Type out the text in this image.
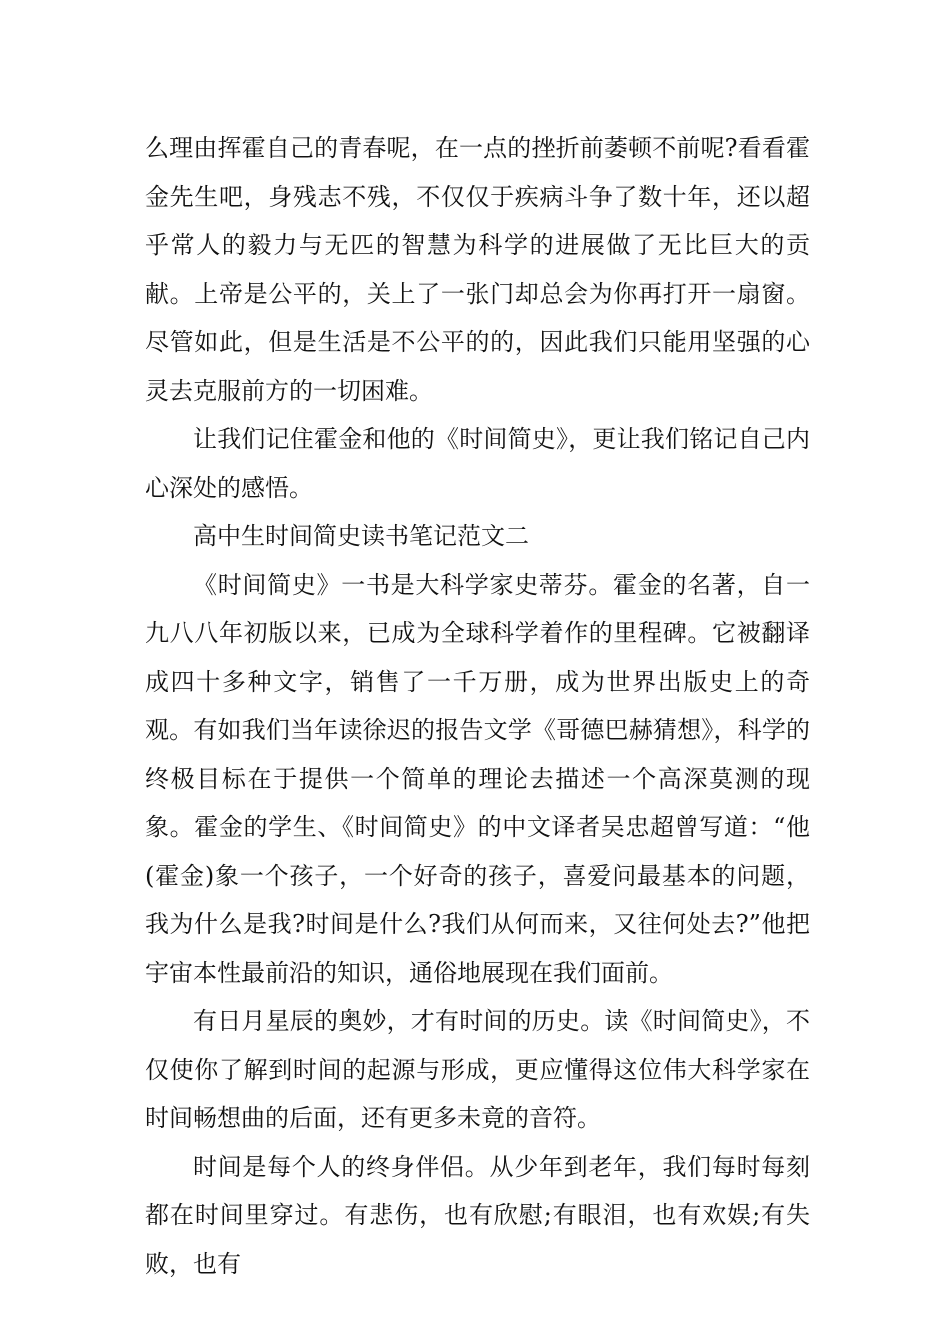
么理由挥霍自己的青春呢，在一点的挫折前萎顿不前呢?看看霍金先生吧，身残志不残，不仅仅于疾病斗争了数十年，还以超乎常人的毅力与无匹的智慧为科学的进展做了无比巨大的贡献。上帝是公平的，关上了一张门却总会为你再打开一扇窗。尽管如此，但是生活是不公平的的，因此我们只能用坚强的心灵去克服前方的一切困难。

让我们记住霍金和他的《时间简史》，更让我们铭记自己内心深处的感悟。

高中生时间简史读书笔记范文二

《时间简史》一书是大科学家史蒂芬。霍金的名著，自一九八八年初版以来，已成为全球科学着作的里程碑。它被翻译成四十多种文字，销售了一千万册，成为世界出版史上的奇观。有如我们当年读徐迟的报告文学《哥德巴赫猜想》，科学的终极目标在于提供一个简单的理论去描述一个高深莫测的现象。霍金的学生、《时间简史》的中文译者吴忠超曾写道：“他(霍金)象一个孩子，一个好奇的孩子，喜爱问最基本的问题，我为什么是我?时间是什么?我们从何而来，又往何处去?”他把宇宙本性最前沿的知识，通俗地展现在我们面前。

有日月星辰的奥妙，才有时间的历史。读《时间简史》，不仅使你了解到时间的起源与形成，更应懂得这位伟大科学家在时间畅想曲的后面，还有更多未竟的音符。

时间是每个人的终身伴侣。从少年到老年，我们每时每刻都在时间里穿过。有悲伤，也有欣慰;有眼泪，也有欢娱;有失败，也有
